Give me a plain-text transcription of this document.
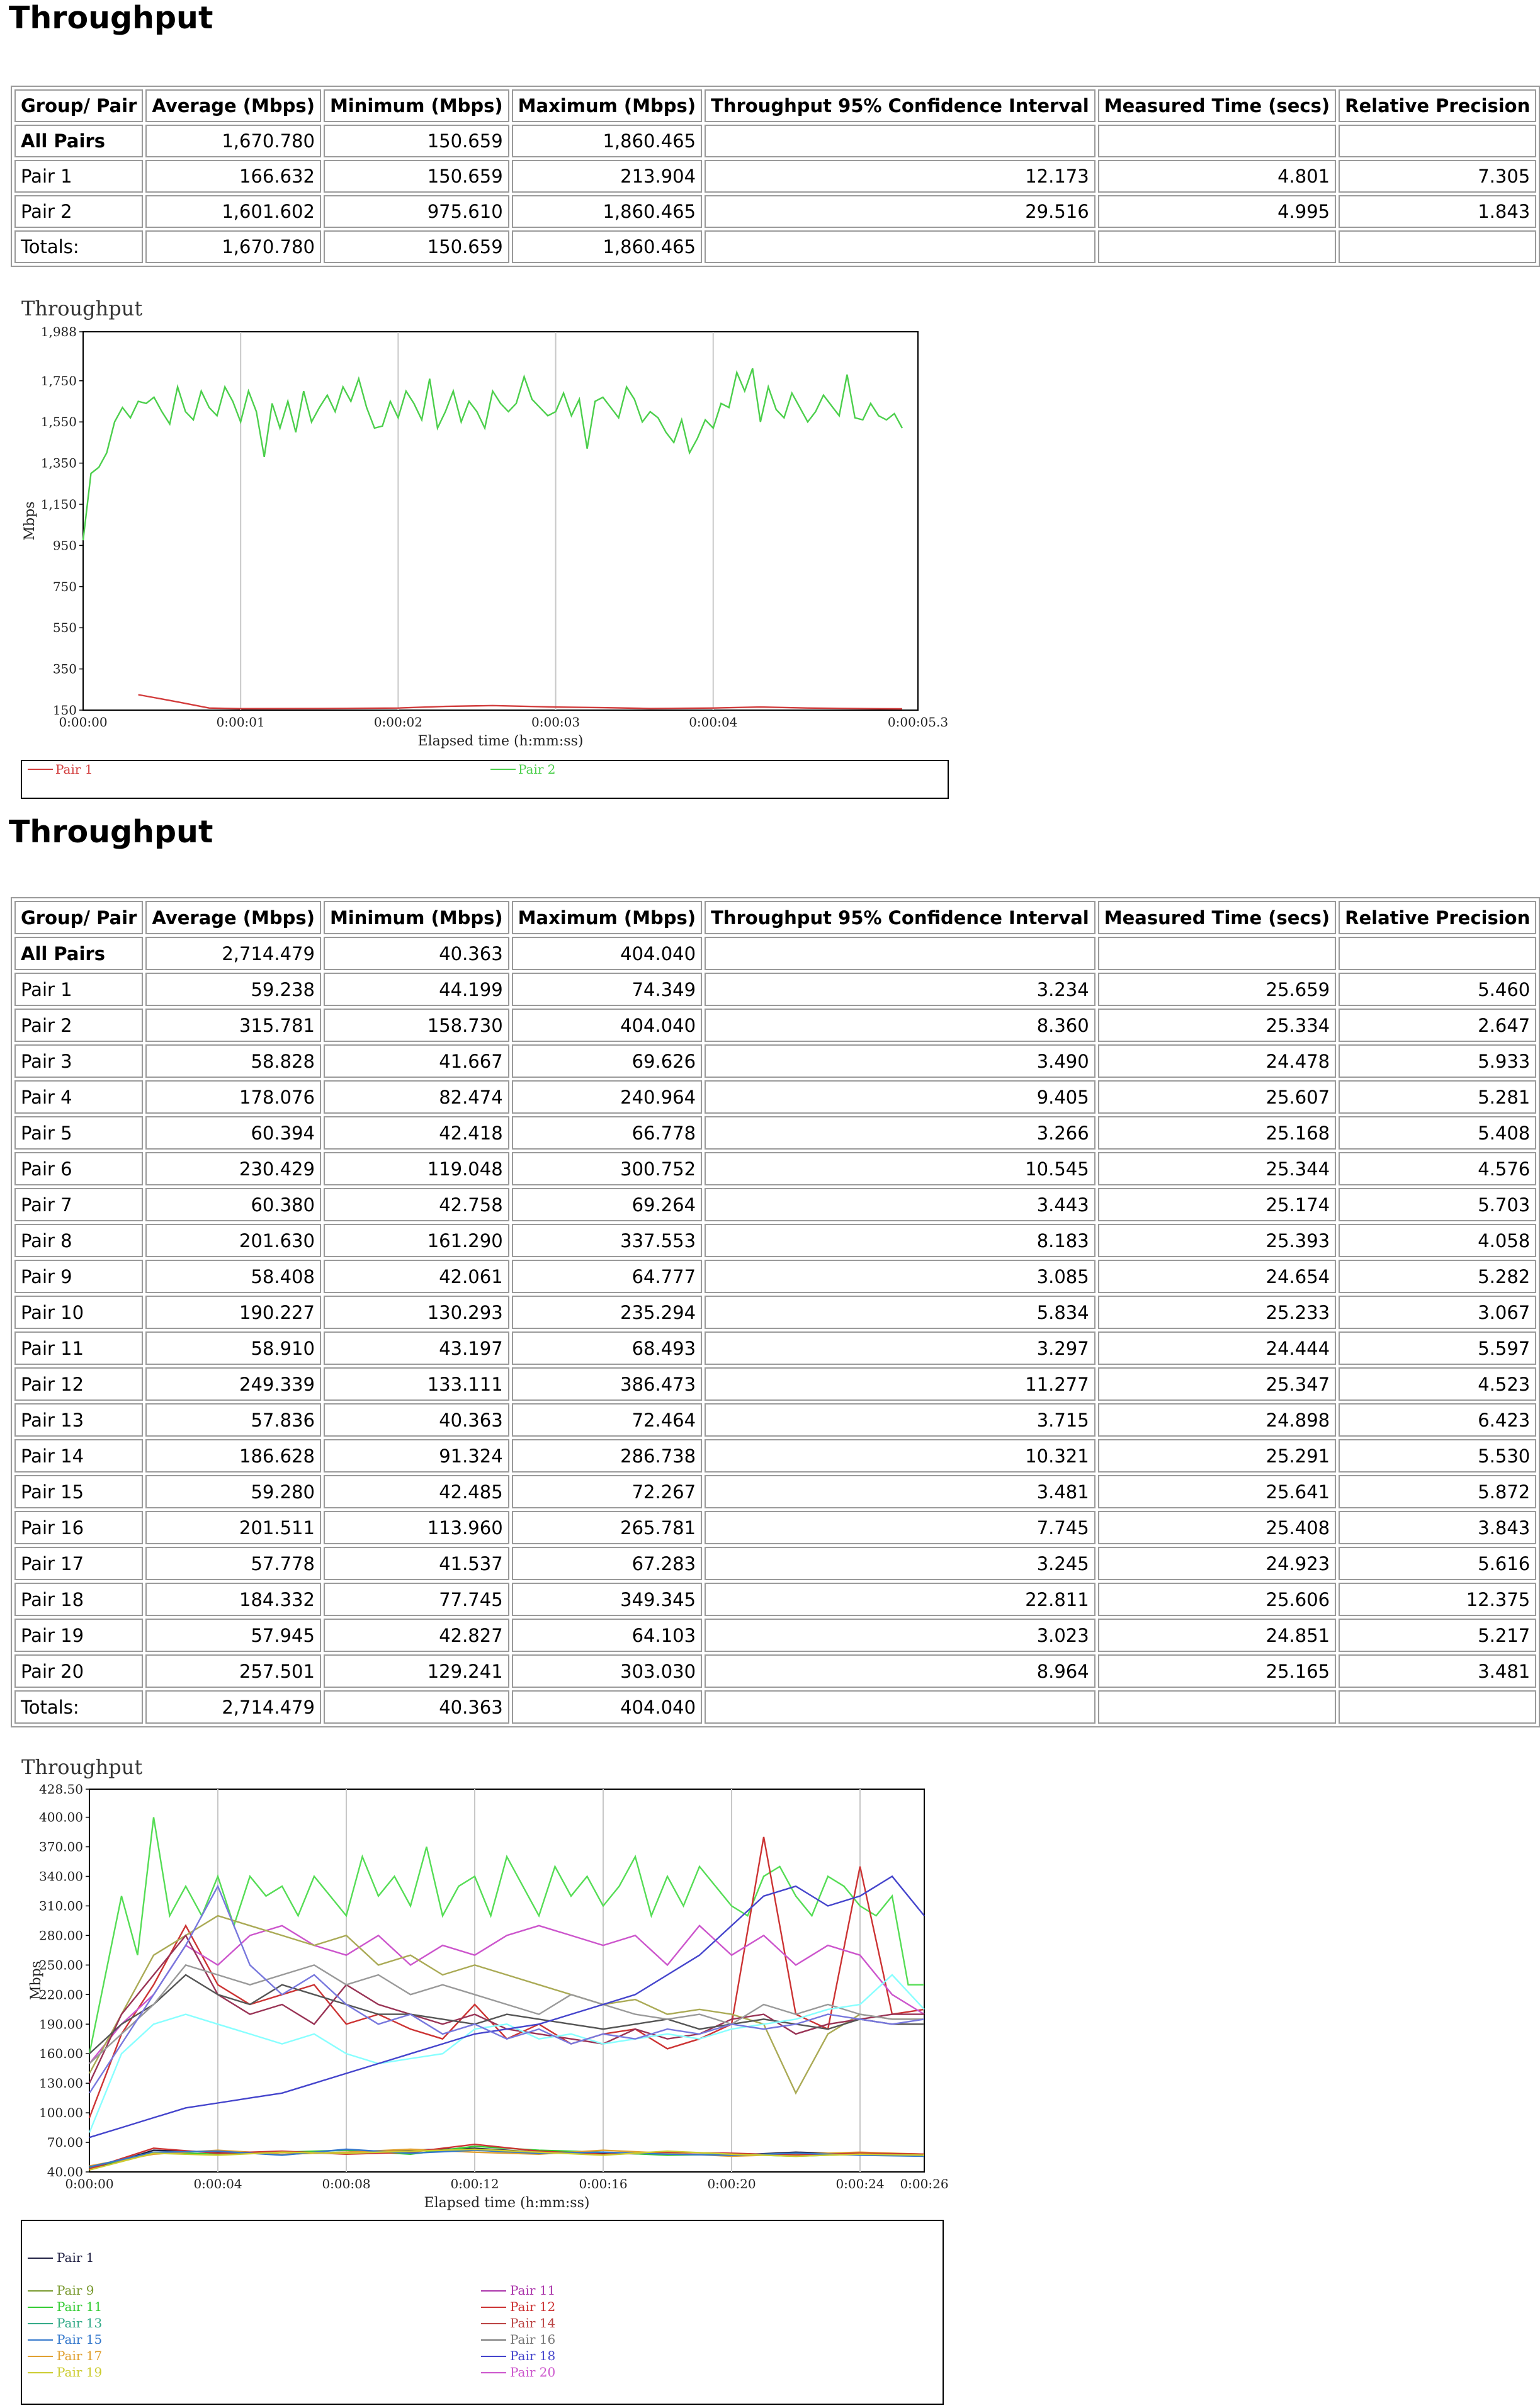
Throughput
Group/ Pair	Average (Mbps)	Minimum (Mbps)	Maximum (Mbps)	Throughput 95% Confidence Interval	Measured Time (secs)	Relative Precision
All Pairs	1,670.780	150.659	1,860.465			
Pair 1	166.632	150.659	213.904	12.173	4.801	7.305
Pair 2	1,601.602	975.610	1,860.465	29.516	4.995	1.843
Totals:	1,670.780	150.659	1,860.465			
Throughput
150
350
550
750
950
1,150
1,350
1,550
1,750
1,988
0:00:00	0:00:01	0:00:02	0:00:03	0:00:04	0:00:05.3
Elapsed time (h:mm:ss)
Mbps
Pair 1	Pair 2
Throughput
Group/ Pair	Average (Mbps)	Minimum (Mbps)	Maximum (Mbps)	Throughput 95% Confidence Interval	Measured Time (secs)	Relative Precision
All Pairs	2,714.479	40.363	404.040			
Pair 1	59.238	44.199	74.349	3.234	25.659	5.460
Pair 2	315.781	158.730	404.040	8.360	25.334	2.647
Pair 3	58.828	41.667	69.626	3.490	24.478	5.933
Pair 4	178.076	82.474	240.964	9.405	25.607	5.281
Pair 5	60.394	42.418	66.778	3.266	25.168	5.408
Pair 6	230.429	119.048	300.752	10.545	25.344	4.576
Pair 7	60.380	42.758	69.264	3.443	25.174	5.703
Pair 8	201.630	161.290	337.553	8.183	25.393	4.058
Pair 9	58.408	42.061	64.777	3.085	24.654	5.282
Pair 10	190.227	130.293	235.294	5.834	25.233	3.067
Pair 11	58.910	43.197	68.493	3.297	24.444	5.597
Pair 12	249.339	133.111	386.473	11.277	25.347	4.523
Pair 13	57.836	40.363	72.464	3.715	24.898	6.423
Pair 14	186.628	91.324	286.738	10.321	25.291	5.530
Pair 15	59.280	42.485	72.267	3.481	25.641	5.872
Pair 16	201.511	113.960	265.781	7.745	25.408	3.843
Pair 17	57.778	41.537	67.283	3.245	24.923	5.616
Pair 18	184.332	77.745	349.345	22.811	25.606	12.375
Pair 19	57.945	42.827	64.103	3.023	24.851	5.217
Pair 20	257.501	129.241	303.030	8.964	25.165	3.481
Totals:	2,714.479	40.363	404.040			
Throughput
40.00
70.00
100.00
130.00
160.00
190.00
220.00
250.00
280.00
310.00
340.00
370.00
400.00
428.50
0:00:00	0:00:04	0:00:08	0:00:12	0:00:16	0:00:20	0:00:24 0:00:26
Elapsed time (h:mm:ss)
Mbps
Pair 1
Pair 9
Pair 11
Pair 13
Pair 15
Pair 17
Pair 19
Pair 11
Pair 12
Pair 14
Pair 16
Pair 18
Pair 20
